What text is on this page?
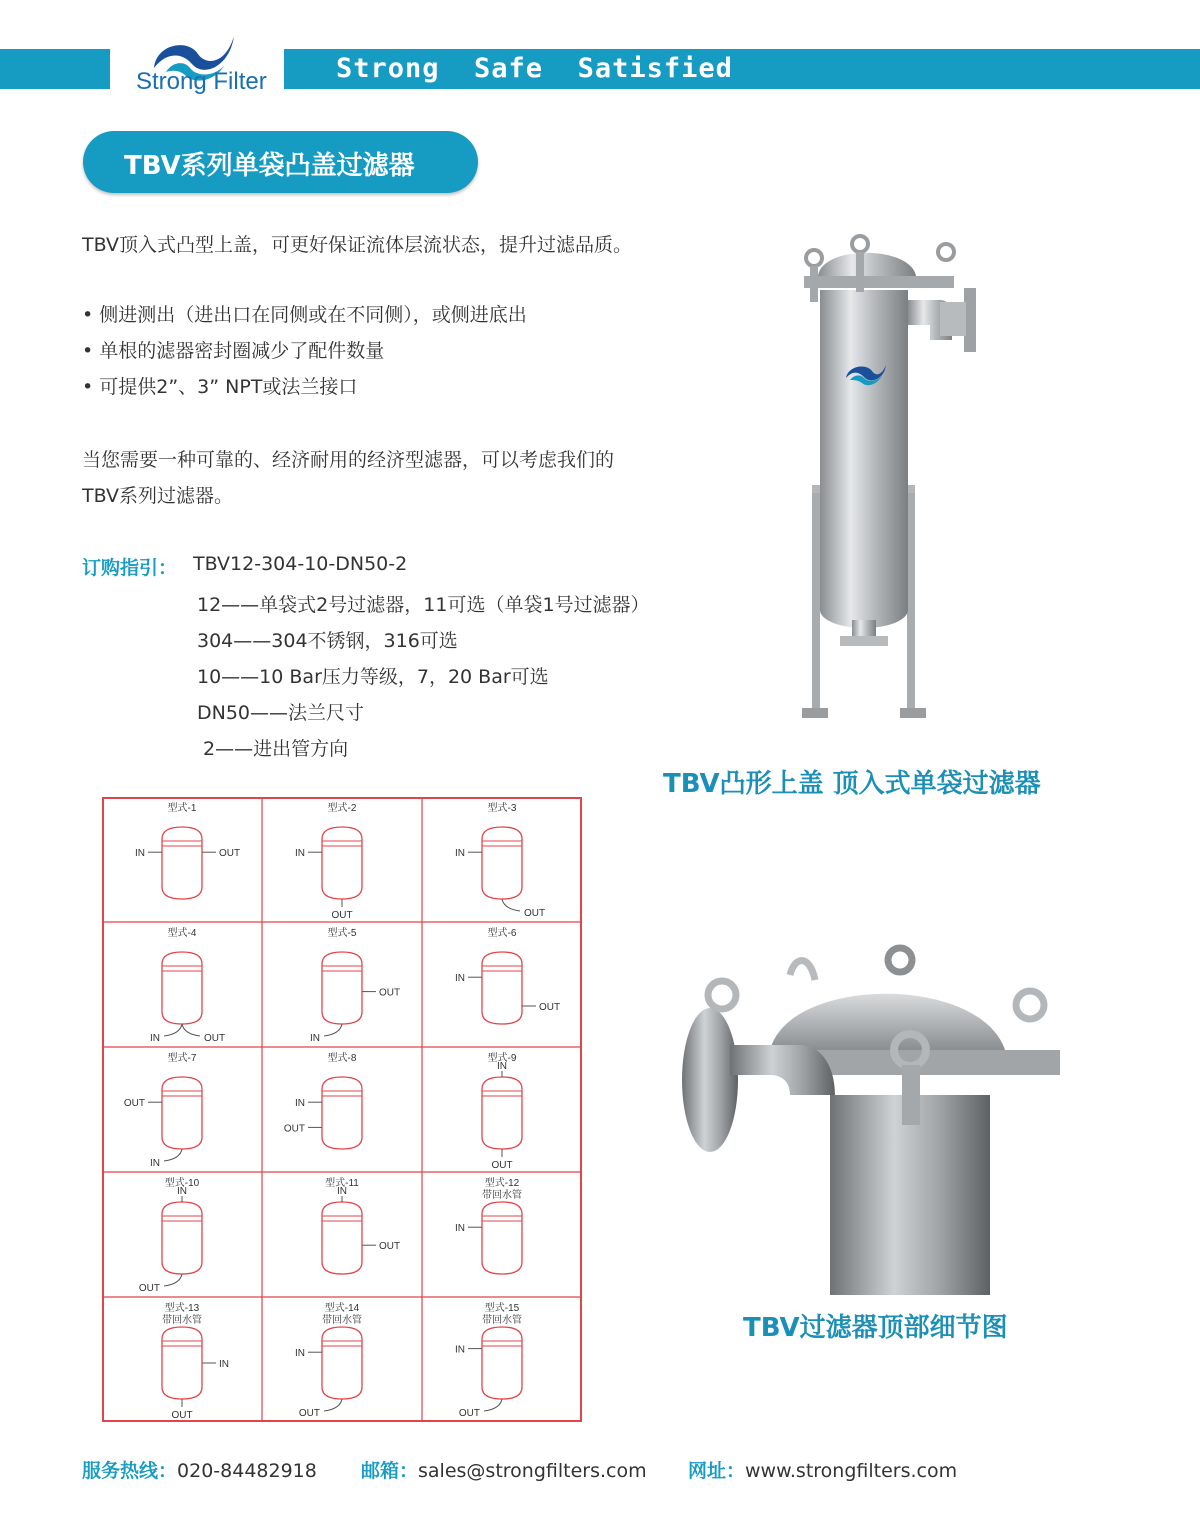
Strong  Safe  Satisfied
Strong Filter
TBV系列单袋凸盖过滤器
TBV顶入式凸型上盖，可更好保证流体层流状态，提升过滤品质。
• 侧进测出（进出口在同侧或在不同侧），或侧进底出
• 单根的滤器密封圈减少了配件数量
• 可提供2”、3” NPT或法兰接口
当您需要一种可靠的、经济耐用的经济型滤器，可以考虑我们的
TBV系列过滤器。
订购指引： TBV12-304-10-DN50-2
12——单袋式2号过滤器，11可选（单袋1号过滤器）
304——304不锈钢，316可选
10——10 Bar压力等级，7，20 Bar可选
DN50——法兰尺寸
2——进出管方向
TBV凸形上盖 顶入式单袋过滤器
TBV过滤器顶部细节图
型式-1
IN	OUT
型式-2
IN
OUT
型式-3
IN
OUT
型式-4
IN	OUT
型式-5
OUT
IN
型式-6
IN
OUT
型式-7
OUT
IN
型式-8
IN
OUT
型式-9
IN
OUT
型式-10
IN
OUT
型式-11
IN
OUT
型式-12
带回水管
IN
型式-13
带回水管
IN
OUT
型式-14
带回水管
IN
OUT
型式-15
带回水管
IN
OUT
服务热线：020-84482918 邮箱：sales@strongfilters.com 网址：www.strongfilters.com
